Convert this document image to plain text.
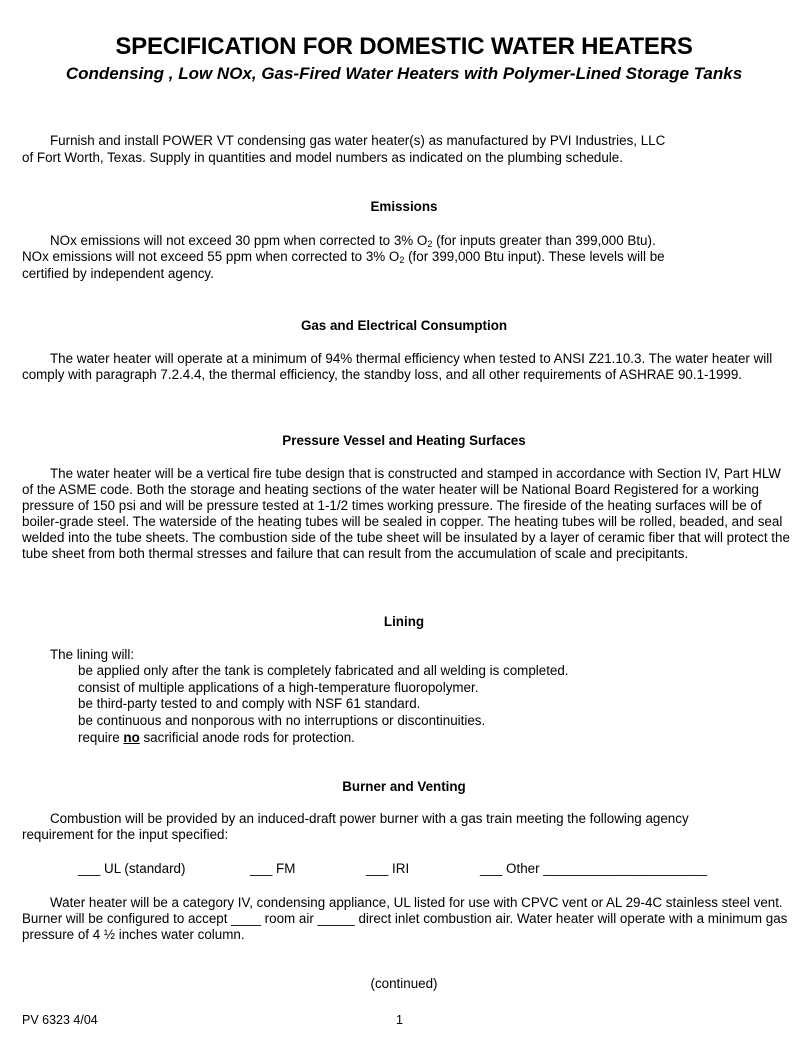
SPECIFICATION FOR DOMESTIC WATER HEATERS
Condensing , Low NOx, Gas-Fired Water Heaters with Polymer-Lined Storage Tanks
Furnish and install POWER VT condensing gas water heater(s) as manufactured by PVI Industries, LLC
of Fort Worth, Texas. Supply in quantities and model numbers as indicated on the plumbing schedule.
Emissions
NOx emissions will not exceed 30 ppm when corrected to 3% $O_2$ (for inputs greater than 399,000 Btu).
NOx emissions will not exceed 55 ppm when corrected to 3% $O_2$ (for 399,000 Btu input). These levels will be
certified by independent agency.
Gas and Electrical Consumption
The water heater will operate at a minimum of 94% thermal efficiency when tested to ANSI Z21.10.3. The water heater will comply with paragraph 7.2.4.4, the thermal efficiency, the standby loss, and all other requirements of ASHRAE 90.1-1999.
Pressure Vessel and Heating Surfaces
The water heater will be a vertical fire tube design that is constructed and stamped in accordance with Section IV, Part HLW of the ASME code. Both the storage and heating sections of the water heater will be National Board Registered for a working pressure of 150 psi and will be pressure tested at 1-1/2 times working pressure. The fireside of the heating surfaces will be of boiler-grade steel. The waterside of the heating tubes will be sealed in copper. The heating tubes will be rolled, beaded, and seal welded into the tube sheets. The combustion side of the tube sheet will be insulated by a layer of ceramic fiber that will protect the tube sheet from both thermal stresses and failure that can result from the accumulation of scale and precipitants.
Lining
The lining will:
be applied only after the tank is completely fabricated and all welding is completed.
consist of multiple applications of a high-temperature fluoropolymer.
be third-party tested to and comply with NSF 61 standard.
be continuous and nonporous with no interruptions or discontinuities.
require no sacrificial anode rods for protection.
Burner and Venting
Combustion will be provided by an induced-draft power burner with a gas train meeting the following agency requirement for the input specified:
___ UL (standard)	___ FM	___ IRI	___ Other ______________________
Water heater will be a category IV, condensing appliance, UL listed for use with CPVC vent or AL 29-4C stainless steel vent. Burner will be configured to accept ____ room air _____ direct inlet combustion air. Water heater will operate with a minimum gas pressure of 4 ½ inches water column.
(continued)
PV 6323 4/04	1
